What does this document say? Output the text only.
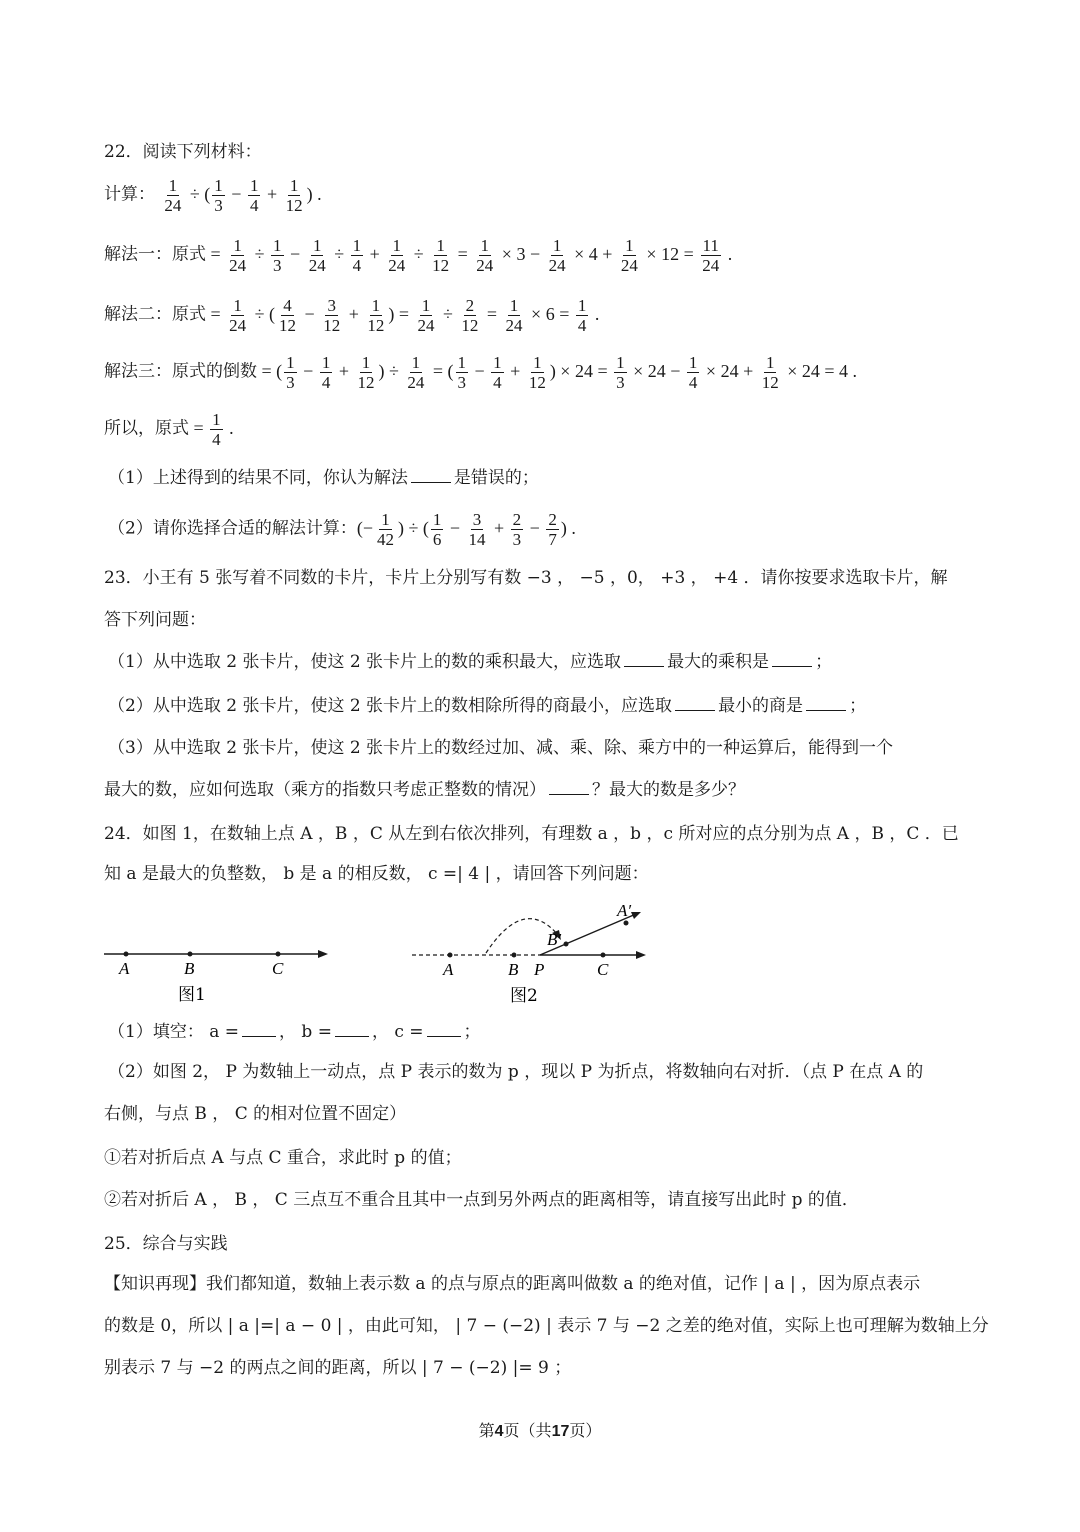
22．阅读下列材料：
计算： $\frac{1}{24}$ ÷ ( $\frac{1}{3} - \frac{1}{4} + \frac{1}{12}$ ) .
解法一：原式 = $\frac{1}{24} \div \frac{1}{3} - \frac{1}{24} \div \frac{1}{4} + \frac{1}{24} \div \frac{1}{12} = \frac{1}{24} \times 3 - \frac{1}{24} \times 4 + \frac{1}{24} \times 12 = \frac{11}{24}$ .
解法二：原式 = $\frac{1}{24}$ ÷ ( $\frac{4}{12} - \frac{3}{12} + \frac{1}{12}$ ) = $\frac{1}{24} \div \frac{2}{12} = \frac{1}{24} \times 6 = \frac{1}{4}$ .
解法三：原式的倒数 = ( $\frac{1}{3} - \frac{1}{4} + \frac{1}{12}$ ) ÷ $\frac{1}{24}$ = ( $\frac{1}{3} - \frac{1}{4} + \frac{1}{12}$ ) × $24 = \frac{1}{3} \times 24 - \frac{1}{4} \times 24 + \frac{1}{12} \times 24 = 4$ .
所以，原式 = $\frac{1}{4}$ .
（1）上述得到的结果不同，你认为解法	是错误的；
（2）请你选择合适的解法计算：(− $\frac{1}{42}$ ) ÷ ( $\frac{1}{6} - \frac{3}{14} + \frac{2}{3} - \frac{2}{7}$ ) .
23．小王有 5 张写着不同数的卡片，卡片上分别写有数 −3 ， −5 ，0， +3 ， +4 ．请你按要求选取卡片，解
答下列问题：
（1）从中选取 2 张卡片，使这 2 张卡片上的数的乘积最大，应选取	最大的乘积是	；
（2）从中选取 2 张卡片，使这 2 张卡片上的数相除所得的商最小，应选取	最小的商是	；
（3）从中选取 2 张卡片，使这 2 张卡片上的数经过加、减、乘、除、乘方中的一种运算后，能得到一个
最大的数，应如何选取（乘方的指数只考虑正整数的情况）	？最大的数是多少？
24．如图 1，在数轴上点 A ，B ，C 从左到右依次排列，有理数 a ，b ，c 所对应的点分别为点 A ，B ，C ．已
知 a 是最大的负整数， b 是 a 的相反数， c =| 4 | ，请回答下列问题：
A	B	C
图1
A	B P	C
A′
B′
图2
（1）填空： a = ， b = ， c = ；
（2）如图 2， P 为数轴上一动点，点 P 表示的数为 p ，现以 P 为折点，将数轴向右对折．（点 P 在点 A 的
右侧，与点 B ， C 的相对位置不固定）
①若对折后点 A 与点 C 重合，求此时 p 的值；
②若对折后 A ， B ， C 三点互不重合且其中一点到另外两点的距离相等，请直接写出此时 p 的值．
25．综合与实践
【知识再现】我们都知道，数轴上表示数 a 的点与原点的距离叫做数 a 的绝对值，记作 | a | ，因为原点表示
的数是 0，所以 | a |=| a − 0 | ，由此可知， | 7 − (−2) | 表示 7 与 −2 之差的绝对值，实际上也可理解为数轴上分
别表示 7 与 −2 的两点之间的距离，所以 | 7 − (−2) |= 9 ；
第4页（共17页）
